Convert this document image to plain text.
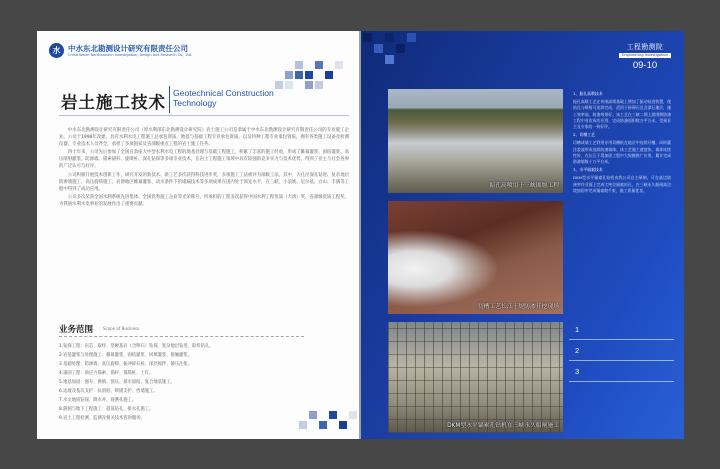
水	中水东北勘测设计研究有限责任公司
China Water Northeastern Investigation, Design and Research Co., Ltd.
岩土施工技术 Geotechnical Construction Technology

中水东北勘测设计研究有限责任公司（原水利部东北勘测设计研究院）岩土施工公司是隶属于中水东北勘测设计研究有限责任公司的专业施工企业。公司于1998年改建，具有水利水电工程施工总承包资质，地基与基础工程专业承包资质，以及特种工程专业承包资质，拥有各类施工设备及检测仪器，专业技术人员齐全，承担了多项国家及省部级重点工程的岩土施工任务。

四十年来，公司先后参加了全国百余座大中型水利水电工程的地基处理与基础工程施工，积累了丰富的施工经验，形成了帷幕灌浆、固结灌浆、高压喷射灌浆、防渗墙、锚索锚杆、旋喷桩、深孔钻探等多项专业技术，在岩土工程施工领域中具有较强的竞争实力与技术优势，得到了业主与社会各界的广泛认可与好评。

公司积极开展技术创新工作，研究开发的新技术、新工艺多次获得科技进步奖，多项施工工法被评为部级工法。其中，大孔径深孔钻进、复杂地层防渗墙施工、高压旋喷施工、岩溶地区帷幕灌浆、动水条件下的堵漏技术等多项成果在国内处于领先水平，在三峡、小浪底、尼尔基、白山、丰满等工程中得到了成功应用。

公司多次荣获全国水利系统先进集体、全国优秀施工企业等光荣称号，所承担的工程多次获得中国水利工程优质（大禹）奖、省部级优质工程奖，为我国水利水电事业的发展作出了重要贡献。

业务范围 Scope of Business
1.钻探工程：岩芯、取样、坚硬基岩（含卵石）钻探、复杂地层钻进、取样钻孔。
2.岩基灌浆与处理施工：帷幕灌浆、固结灌浆、回填灌浆、接触灌浆。
3.基础处理：防渗墙、高压旋喷、振冲碎石桩、深层搅拌、静压注浆。
4.锚固工程：预应力锚索、锚杆、锚筋桩、土钉。
5.地基加固：强夯、换填、预压、排水固结、复合地基施工。
6.边坡及基坑支护：抗滑桩、喷锚支护、挡墙施工。
7.水文地质钻探、降水井、观测孔施工。
8.隧洞与地下工程施工：超前钻孔、排水孔施工。
9.岩土工程检测、监测及相关技术咨询服务。
工程勘测院
Engineering Investigation
09-10
振孔高喷用于三峡围堰工程
切槽工艺长江干堤防渗开挖现场
DKM型水平锚索孔钻机在三峡永久船闸施工

1、振孔高喷技术

振孔高喷工艺在传统高喷基础上增加了振动钻进装置，使钻孔与喷射可连续完成，适用于砂卵石及含漂石地层，施工效率高，防渗效果好。该工艺在三峡二期上游围堰防渗工程中首次成功应用，完成防渗面积数万平方米，受到业主及专家的一致好评。

2、切槽工艺

切槽成墙工艺利用专用切槽机在地层中连续开槽，同时灌注浆液形成连续防渗墙体。该工艺施工速度快、墙体连续性好，在长江干堤加固工程中大规模推广应用，累计完成防渗墙数十万平方米。

3、水平锚索技术

DKM型水平锚索孔钻机由我公司自主研制，可在高边坡狭窄作业面上完成大吨位锚索钻孔，在三峡永久船闸高边坡加固中完成锚索数千束，施工质量优良。

1
2
3
